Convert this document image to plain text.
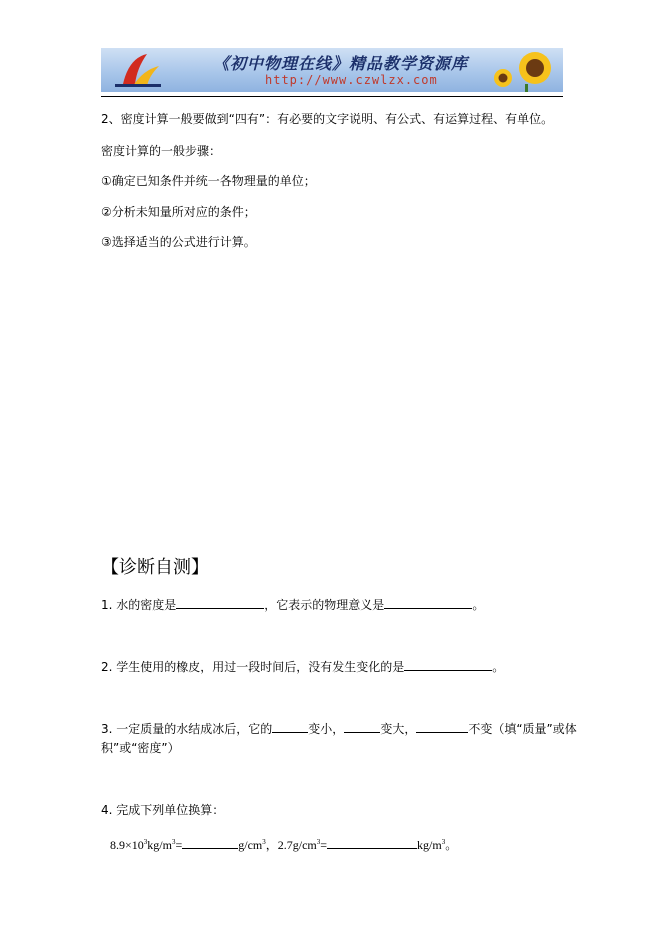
《初中物理在线》精品教学资源库
http://www.czwlzx.com
2、密度计算一般要做到“四有”：有必要的文字说明、有公式、有运算过程、有单位。
密度计算的一般步骤：
①确定已知条件并统一各物理量的单位；
②分析未知量所对应的条件；
③选择适当的公式进行计算。
【诊断自测】
1. 水的密度是	，它表示的物理意义是	。
2. 学生使用的橡皮，用过一段时间后，没有发生变化的是	。
3. 一定质量的水结成冰后，它的	变小，	变大，	不变（填“质量”或体
积”或“密度”）
4. 完成下列单位换算：
$8.9\times 10^3kg/m^3=$	$g/cm^3$，$2.7g/cm^3=$	$kg/m^3$。
